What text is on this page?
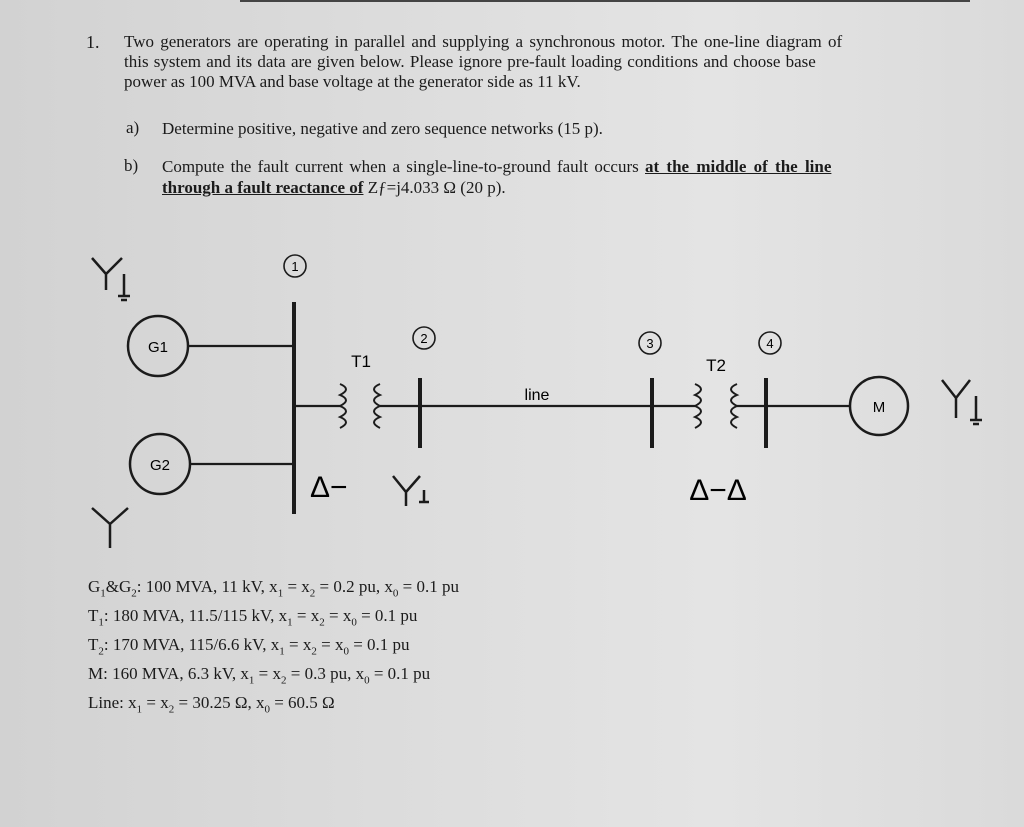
1. Two generators are operating in parallel and supplying a synchronous motor. The one-line diagram of
this system and its data are given below. Please ignore pre-fault loading conditions and choose base
power as 100 MVA and base voltage at the generator side as 11 kV.
a) Determine positive, negative and zero sequence networks (15 p).
b) Compute the fault current when a single-line-to-ground fault occurs at the middle of the line
through a fault reactance of Zƒ=j4.033 Ω (20 p).
G1
G2
1
T1
2
Δ−
line
3
T2
4
Δ−Δ
M
$G_1\&G_2$: 100 MVA, 11 kV, $x_1 = x_2 = 0.2$ pu, $x_0 = 0.1$ pu
$T_1$: 180 MVA, 11.5/115 kV, $x_1 = x_2 = x_0 = 0.1$ pu
$T_2$: 170 MVA, 115/6.6 kV, $x_1 = x_2 = x_0 = 0.1$ pu
M: 160 MVA, 6.3 kV, $x_1 = x_2 = 0.3$ pu, $x_0 = 0.1$ pu
Line: $x_1 = x_2 = 30.25$ Ω, $x_0 = 60.5$ Ω
